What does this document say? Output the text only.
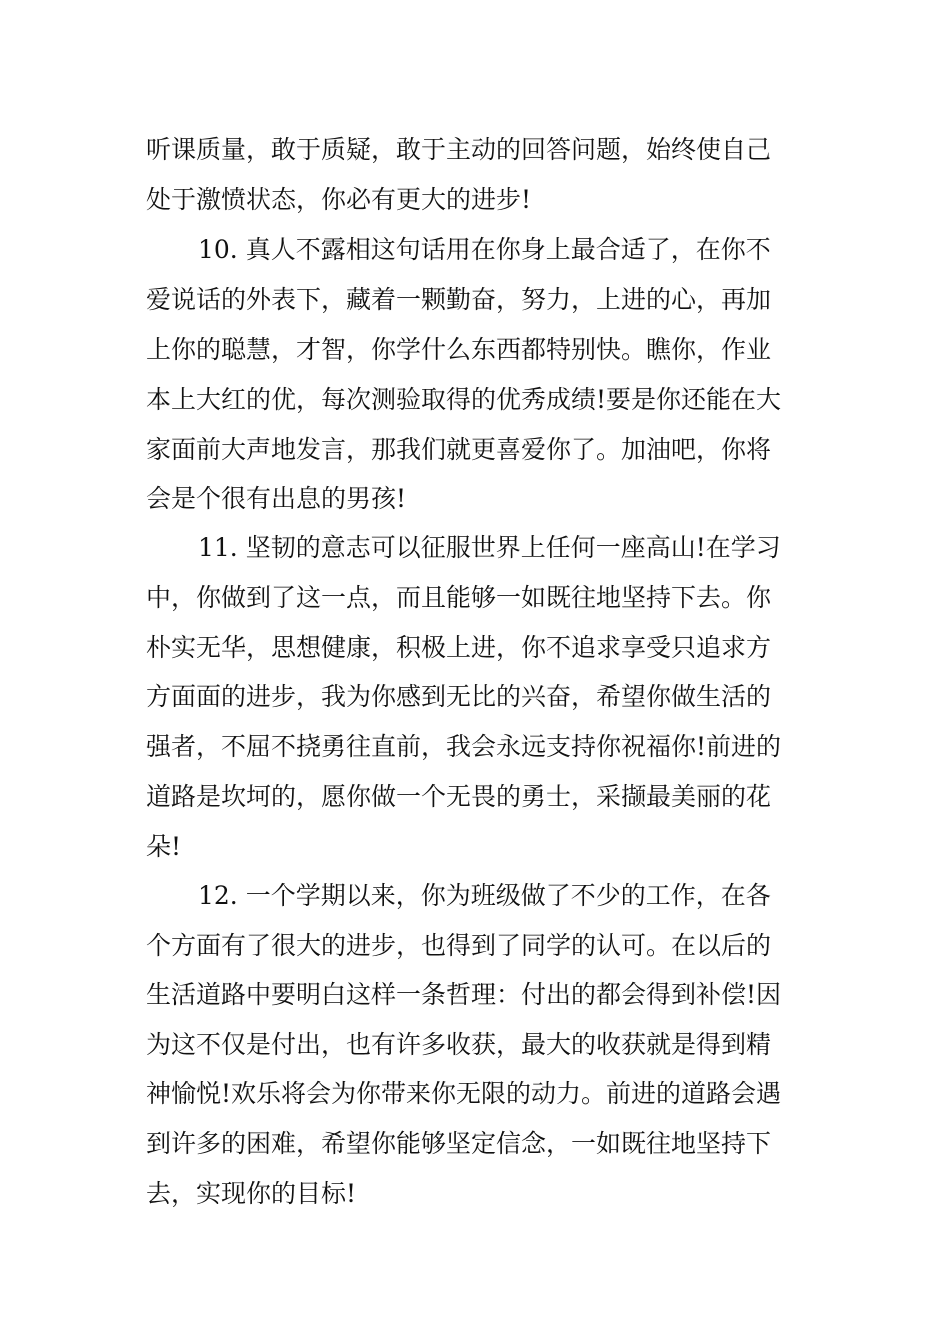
听课质量，敢于质疑，敢于主动的回答问题，始终使自己
处于激愤状态，你必有更大的进步!
10. 真人不露相这句话用在你身上最合适了，在你不
爱说话的外表下，藏着一颗勤奋，努力，上进的心，再加
上你的聪慧，才智，你学什么东西都特别快。瞧你，作业
本上大红的优，每次测验取得的优秀成绩!要是你还能在大
家面前大声地发言，那我们就更喜爱你了。加油吧，你将
会是个很有出息的男孩!
11. 坚韧的意志可以征服世界上任何一座高山!在学习
中，你做到了这一点，而且能够一如既往地坚持下去。你
朴实无华，思想健康，积极上进，你不追求享受只追求方
方面面的进步，我为你感到无比的兴奋，希望你做生活的
强者，不屈不挠勇往直前，我会永远支持你祝福你!前进的
道路是坎坷的，愿你做一个无畏的勇士，采撷最美丽的花
朵!
12. 一个学期以来，你为班级做了不少的工作，在各
个方面有了很大的进步，也得到了同学的认可。在以后的
生活道路中要明白这样一条哲理：付出的都会得到补偿!因
为这不仅是付出，也有许多收获，最大的收获就是得到精
神愉悦!欢乐将会为你带来你无限的动力。前进的道路会遇
到许多的困难，希望你能够坚定信念，一如既往地坚持下
去，实现你的目标!
